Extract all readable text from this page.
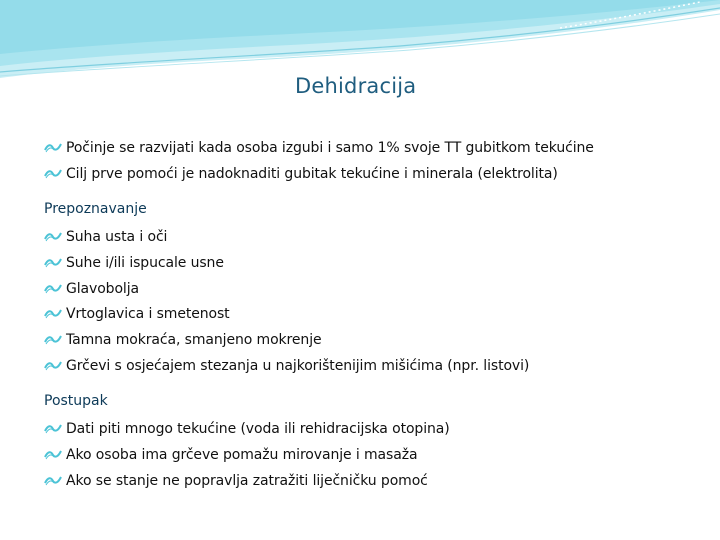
Dehidracija
Počinje se razvijati kada osoba izgubi i samo 1% svoje TT gubitkom tekućine
Cilj prve pomoći je nadoknaditi gubitak tekućine i minerala (elektrolita)
Prepoznavanje
Suha usta i oči
Suhe i/ili ispucale usne
Glavobolja
Vrtoglavica i smetenost
Tamna mokraća, smanjeno mokrenje
Grčevi s osjećajem stezanja u najkorištenijim mišićima (npr. listovi)
Postupak
Dati piti mnogo tekućine (voda ili rehidracijska otopina)
Ako osoba ima grčeve pomažu mirovanje i masaža
Ako se stanje ne popravlja zatražiti liječničku pomoć
